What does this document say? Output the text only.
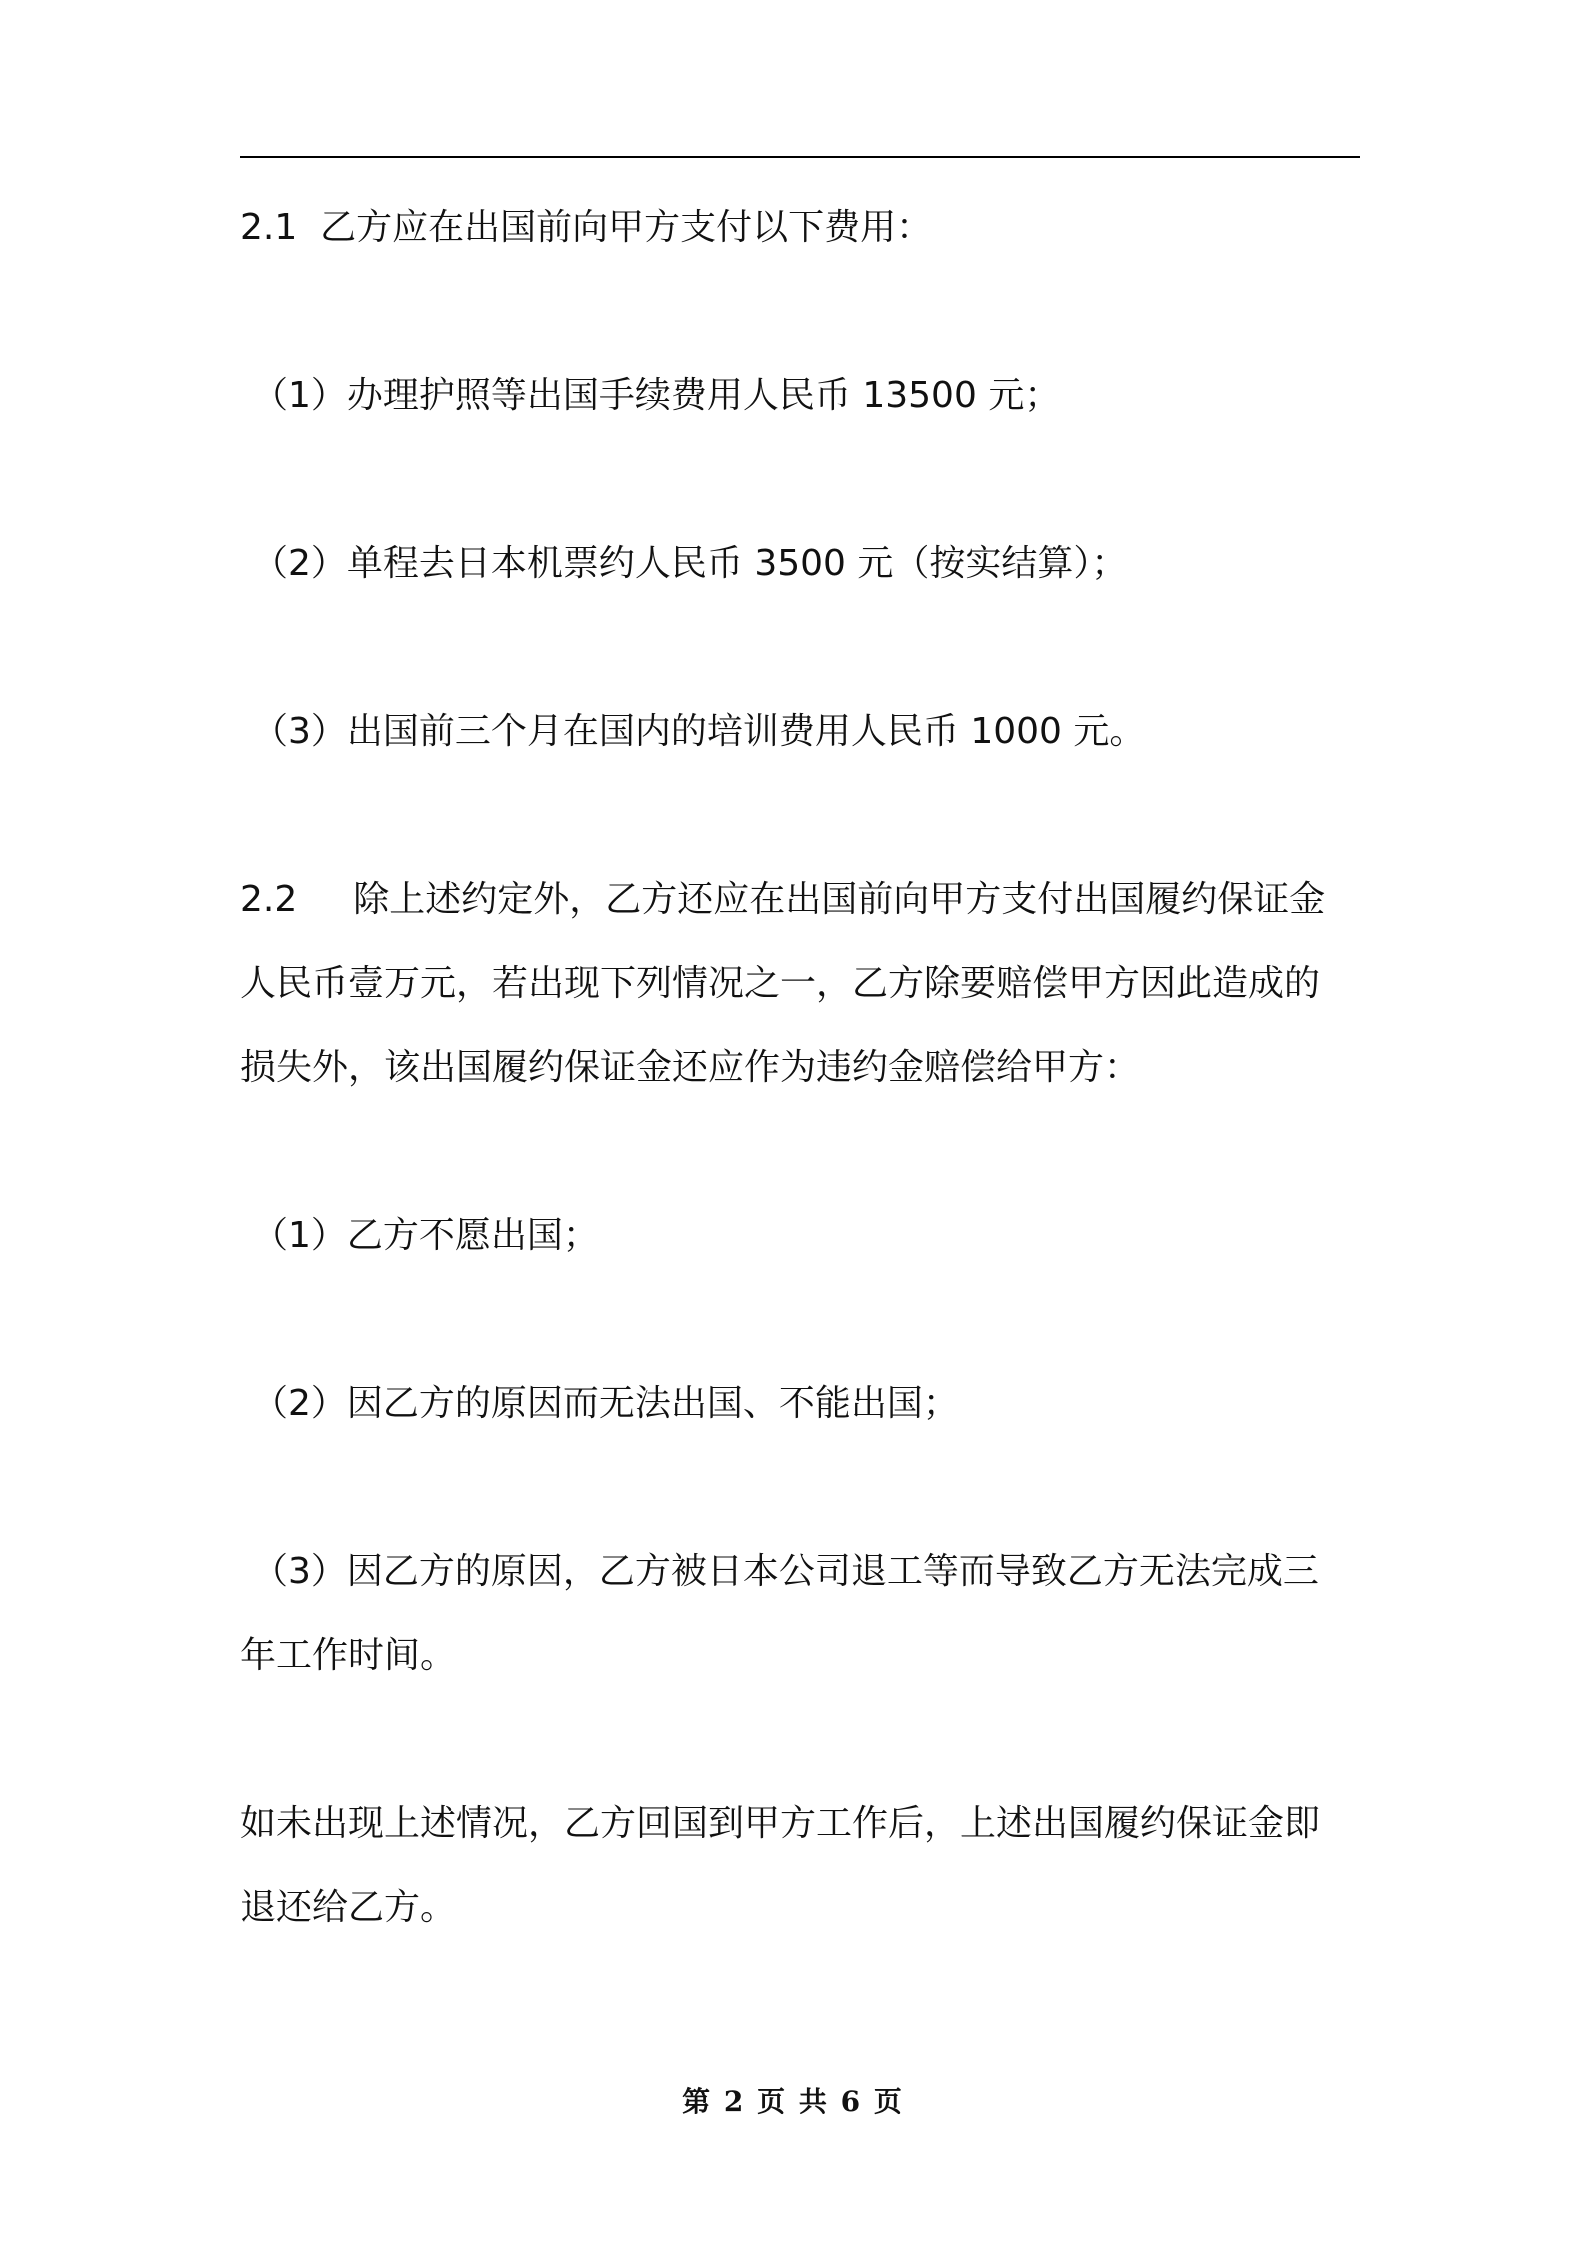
2.1 乙方应在出国前向甲方支付以下费用：
（1）办理护照等出国手续费用人民币 13500 元；
（2）单程去日本机票约人民币 3500 元（按实结算）；
（3）出国前三个月在国内的培训费用人民币 1000 元。
2.2 除上述约定外，乙方还应在出国前向甲方支付出国履约保证金
人民币壹万元，若出现下列情况之一，乙方除要赔偿甲方因此造成的
损失外，该出国履约保证金还应作为违约金赔偿给甲方：
（1）乙方不愿出国；
（2）因乙方的原因而无法出国、不能出国；
（3）因乙方的原因，乙方被日本公司退工等而导致乙方无法完成三
年工作时间。
如未出现上述情况，乙方回国到甲方工作后，上述出国履约保证金即
退还给乙方。
第 2 页 共 6 页
